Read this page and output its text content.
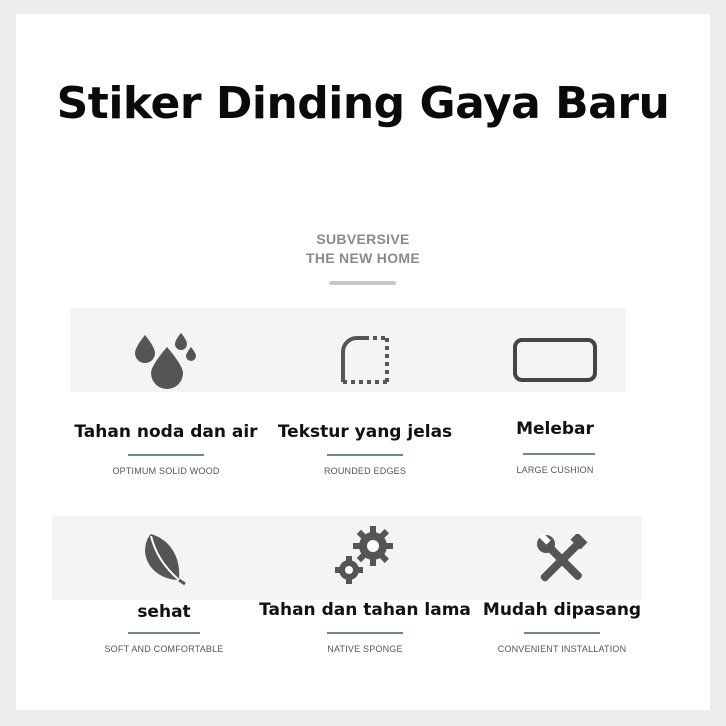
Stiker Dinding Gaya Baru
SUBVERSIVE
THE NEW HOME
Tahan noda dan air
OPTIMUM SOLID WOOD
Tekstur yang jelas
ROUNDED EDGES
Melebar
LARGE CUSHION
sehat
SOFT AND COMFORTABLE
Tahan dan tahan lama
NATIVE SPONGE
Mudah dipasang
CONVENIENT INSTALLATION
